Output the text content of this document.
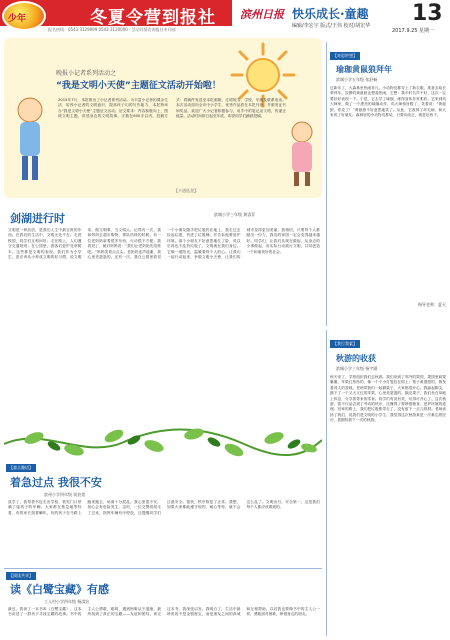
少年	冬夏令营到报社
报名热线：0543 3129999 0543 3120000 · 活动详情咨询报社专刊部
滨州日报 快乐成长·童趣 13
编辑/李宏宇 版式/王伟 校对/胡宏华
2017.9.25 星期一
晚报小记者系列活动之
“我是文明小天使”主题征文活动开始啦！
2015年7月，本报推出了小记者系列活动。为丰富小记者的课余生活，培养小记者的文明意识，提高孩子们的写作能力，本报特举办“我是文明小天使”主题征文活动。征文要求：内容积极向上，围绕文明主题，讲述身边的文明故事，字数在600字以内。投稿方式：将稿件发送至本报邮箱，注明姓名、学校、年级及联系电话。本次活动面向全市中小学生，优秀作品将在本报刊登，并颁发证书和奖品。欢迎广大小记者积极参与，用手中的笔记录文明，传递正能量。活动时间即日起至年底，希望同学们踊跃投稿。
【卡通选登】
剑湖进行时	滨城小学三年级 黄睿菲
文明是一种品质，是我们人生中最宝贵的东西。在我们的生活中，文明无处不在。走进校园，同学们互相问好；走在路上，人们遵守交通规则；在公园里，游客们爱护花草树木。这些都是文明的表现。我们作为小学生，更应该从小养成文明的好习惯，说文明话，做文明事，当文明人。记得有一次，我和妈妈去超市购物，排队结账的时候，有一位老奶奶拿着很多东西，行动很不方便。我看见了，就对妈妈说：“我们让老奶奶先结账吧。”妈妈笑着点点头。老奶奶连声道谢，我心里美滋滋的。还有一次，我在公园里看见一个小朋友随手把垃圾扔在地上，我走过去捡起垃圾，扔进了垃圾桶，并告诉他要爱护环境。那个小朋友不好意思地红了脸，说以后再也不乱扔垃圾了。文明就在我们身边，它像一缕阳光，温暖着每个人的心。让我们一起行动起来，争做文明小天使，让我们的城市变得更加美丽。我相信，只要每个人都献出一份力，我们的家园一定会变得越来越好。同学们，让我们从现在做起，从身边的小事做起，用实际行动践行文明，共同创造一个和谐美好的社会。
【童言趣语】
着急过点 我很不安
滨州小学四年级 侯宸萱
放学了，我背着书包走出学校，看见门口停满了接孩子的车辆。大家都在焦急地等待着，有的家长按着喇叭，有的孩子在马路上跑来跑去，场面十分混乱。我心里很不安，担心会有危险发生。这时，一位交警叔叔走了过来，指挥车辆有序停放，还提醒同学们注意安全。很快，秩序恢复了正常。我想，如果大家都能遵守规则，耐心等待，就不会这么乱了。文明出行，安全第一，这是我们每个人都应该做到的。
【阅读共享】
读《白鹭宝藏》有感
工人村小学四年级 杨淇宣
最近，我读了一本书叫《白鹭宝藏》，这本书讲述了一群孩子寻找宝藏的故事。书中的主人公勇敢、聪明，遇到困难从不退缩，最终找到了真正的宝藏——友谊和团结。读完这本书，我深受启发。我明白了，生活中最珍贵的不是金银财宝，而是朋友之间的真诚和互相帮助。以后我也要像书中的主人公一样，勇敢面对困难，珍惜身边的朋友。
【奇思妙想】
瑜珈黄鼠狼拜年
滨城小学五年级 张舒畅
过新年了，大森林里热闹非凡。小动物们都穿上了新衣服，准备去给长辈拜年。狡猾的黄鼠狼也想凑热闹，它想：我平时名声不好，这次一定要好好表现一下。于是，它去学了瑜珈，练得身体非常柔软。它来到鸡大婶家，做了一个漂亮的瑜珈动作，鸡大婶惊讶极了，笑着说：“黄鼠狼，你变了！”黄鼠狼不好意思地笑了。从此，它改掉了坏毛病，和大家成了好朋友。森林里的小动物们都说，只要肯改正，就是好孩子。
指导老师：夏天
【我行我素】
秋游的收获
滨城小学三年级 杨宇涵
秋天来了，学校组织我们去秋游。我们来到了郊外的果园，果园里硕果累累，苹果红彤彤的，像一个个小灯笼挂在树上；梨子黄澄澄的，散发着诱人的香味。老师带我们一起摘果子，大家都很开心。我踮起脚尖，摘下了一个又大又红的苹果，心里美滋滋的。摘完果子，我们坐在草地上休息，分享着带来的零食。同学们有说有笑，玩得可开心了。这次秋游，我不仅品尝到了劳动的快乐，还懂得了要珍惜粮食、爱护环境的道理。回家的路上，我们把垃圾都带走了，没有留下一点儿纸屑。老师表扬了我们，说我们是文明的小学生。我觉得这次秋游真是一次难忘的经历，我期待着下一次的秋游。
